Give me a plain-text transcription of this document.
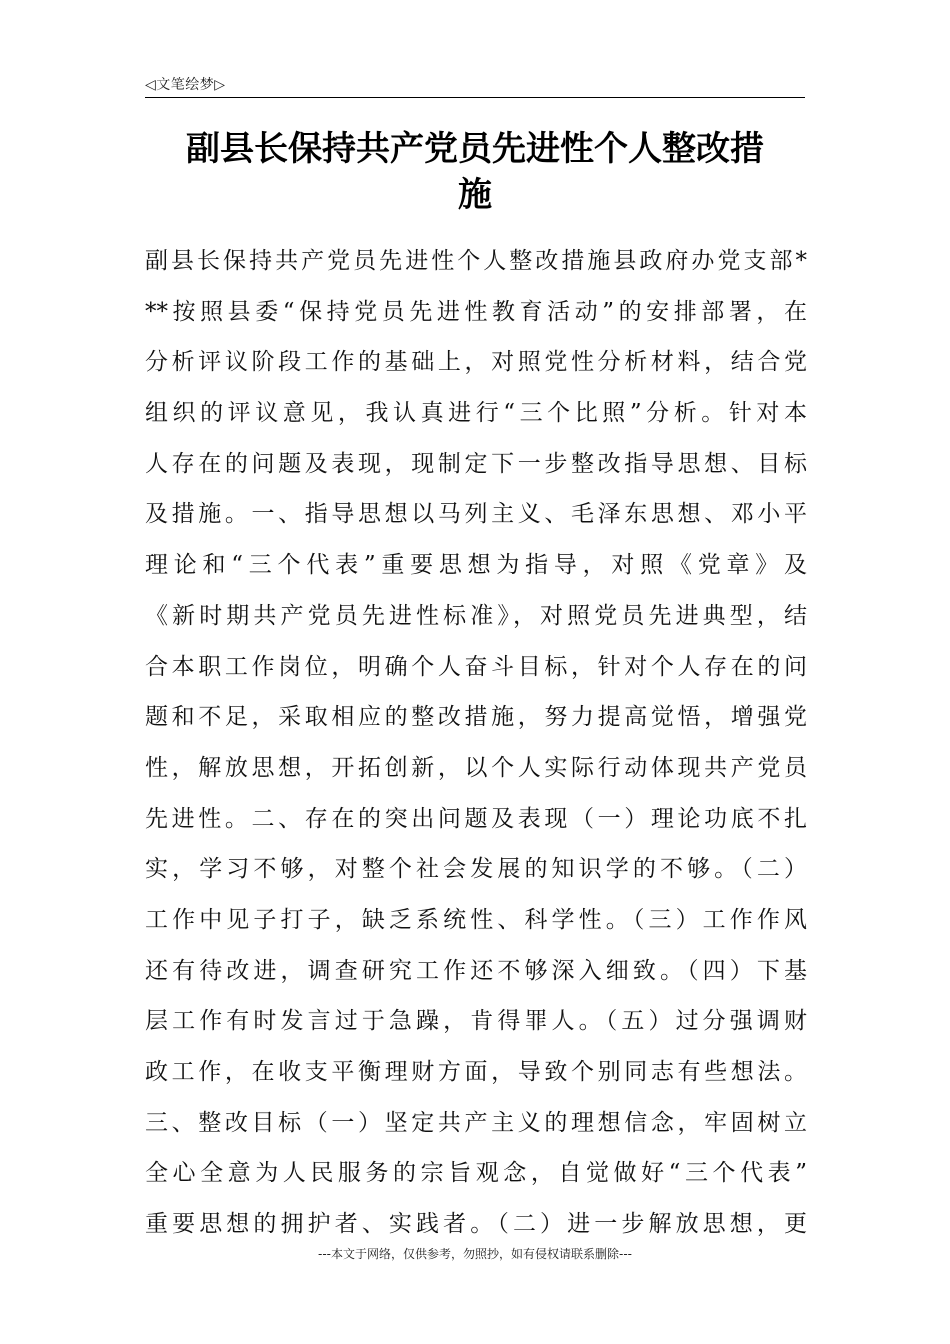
◁文笔绘梦▷
副县长保持共产党员先进性个人整改措
施
副县长保持共产党员先进性个人整改措施县政府办党支部*
**按照县委“保持党员先进性教育活动”的安排部署，在
分析评议阶段工作的基础上，对照党性分析材料，结合党
组织的评议意见，我认真进行“三个比照”分析。针对本
人存在的问题及表现，现制定下一步整改指导思想、目标
及措施。一、指导思想以马列主义、毛泽东思想、邓小平
理论和“三个代表”重要思想为指导，对照《党章》及
《新时期共产党员先进性标准》，对照党员先进典型，结
合本职工作岗位，明确个人奋斗目标，针对个人存在的问
题和不足，采取相应的整改措施，努力提高觉悟，增强党
性，解放思想，开拓创新，以个人实际行动体现共产党员
先进性。二、存在的突出问题及表现（一）理论功底不扎
实，学习不够，对整个社会发展的知识学的不够。（二）
工作中见子打子，缺乏系统性、科学性。（三）工作作风
还有待改进，调查研究工作还不够深入细致。（四）下基
层工作有时发言过于急躁，肯得罪人。（五）过分强调财
政工作，在收支平衡理财方面，导致个别同志有些想法。
三、整改目标（一）坚定共产主义的理想信念，牢固树立
全心全意为人民服务的宗旨观念，自觉做好“三个代表”
重要思想的拥护者、实践者。（二）进一步解放思想，更
---本文于网络，仅供参考，勿照抄，如有侵权请联系删除---
